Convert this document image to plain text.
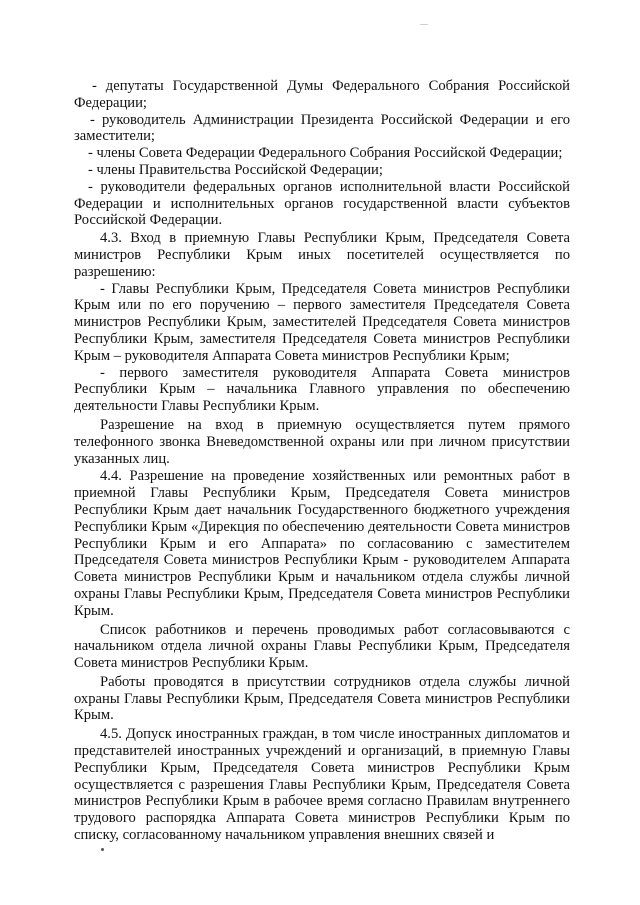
- депутаты Государственной Думы Федерального Собрания Российской Федерации;

- руководитель Администрации Президента Российской Федерации и его заместители;

- члены Совета Федерации Федерального Собрания Российской Федерации;

- члены Правительства Российской Федерации;

- руководители федеральных органов исполнительной власти Российской Федерации и исполнительных органов государственной власти субъектов Российской Федерации.

4.3. Вход в приемную Главы Республики Крым, Председателя Совета министров Республики Крым иных посетителей осуществляется по разрешению:

- Главы Республики Крым, Председателя Совета министров Республики Крым или по его поручению – первого заместителя Председателя Совета министров Республики Крым, заместителей Председателя Совета министров Республики Крым, заместителя Председателя Совета министров Республики Крым – руководителя Аппарата Совета министров Республики Крым;

- первого заместителя руководителя Аппарата Совета министров Республики Крым – начальника Главного управления по обеспечению деятельности Главы Республики Крым.

Разрешение на вход в приемную осуществляется путем прямого телефонного звонка Вневедомственной охраны или при личном присутствии указанных лиц.

4.4. Разрешение на проведение хозяйственных или ремонтных работ в приемной Главы Республики Крым, Председателя Совета министров Республики Крым дает начальник Государственного бюджетного учреждения Республики Крым «Дирекция по обеспечению деятельности Совета министров Республики Крым и его Аппарата» по согласованию с заместителем Председателя Совета министров Республики Крым - руководителем Аппарата Совета министров Республики Крым и начальником отдела службы личной охраны Главы Республики Крым, Председателя Совета министров Республики Крым.

Список работников и перечень проводимых работ согласовываются с начальником отдела личной охраны Главы Республики Крым, Председателя Совета министров Республики Крым.

Работы проводятся в присутствии сотрудников отдела службы личной охраны Главы Республики Крым, Председателя Совета министров Республики Крым.

4.5. Допуск иностранных граждан, в том числе иностранных дипломатов и представителей иностранных учреждений и организаций, в приемную Главы Республики Крым, Председателя Совета министров Республики Крым осуществляется с разрешения Главы Республики Крым, Председателя Совета министров Республики Крым в рабочее время согласно Правилам внутреннего трудового распорядка Аппарата Совета министров Республики Крым по списку, согласованному начальником управления внешних связей и
